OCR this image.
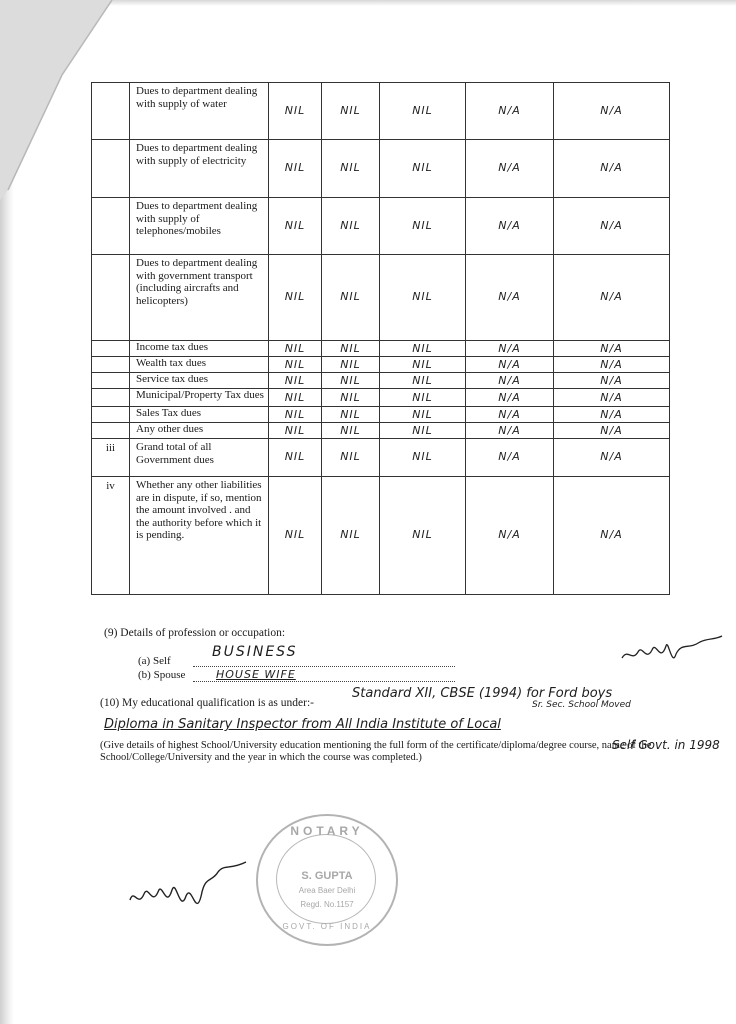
	Dues to department dealing with supply of water	NIL	NIL	NIL	N/A	N/A
	Dues to department dealing with supply of electricity	NIL	NIL	NIL	N/A	N/A
	Dues to department dealing with supply of telephones/mobiles	NIL	NIL	NIL	N/A	N/A
	Dues to department dealing with government transport (including aircrafts and helicopters)	NIL	NIL	NIL	N/A	N/A
	Income tax dues	NIL	NIL	NIL	N/A	N/A
	Wealth tax dues	NIL	NIL	NIL	N/A	N/A
	Service tax dues	NIL	NIL	NIL	N/A	N/A
	Municipal/Property Tax dues	NIL	NIL	NIL	N/A	N/A
	Sales Tax dues	NIL	NIL	NIL	N/A	N/A
	Any other dues	NIL	NIL	NIL	N/A	N/A
iii	Grand total of all Government dues	NIL	NIL	NIL	N/A	N/A
iv	Whether any other liabilities are in dispute, if so, mention the amount involved . and the authority before which it is pending.	NIL	NIL	NIL	N/A	N/A
(9) Details of profession or occupation:
(a) Self
BUSINESS
(b) Spouse	HOUSE WIFE
(10) My educational qualification is as under:-
Standard XII, CBSE (1994) for Ford boys
Sr. Sec. School Moved
Diploma in Sanitary Inspector from All India Institute of Local
Self Govt. in 1998
(Give details of highest School/University education mentioning the full form of the certificate/diploma/degree course, name of the School/College/University and the year in which the course was completed.)
NOTARY
S. GUPTA
Area Baer Delhi
Regd. No.1157
GOVT. OF INDIA
